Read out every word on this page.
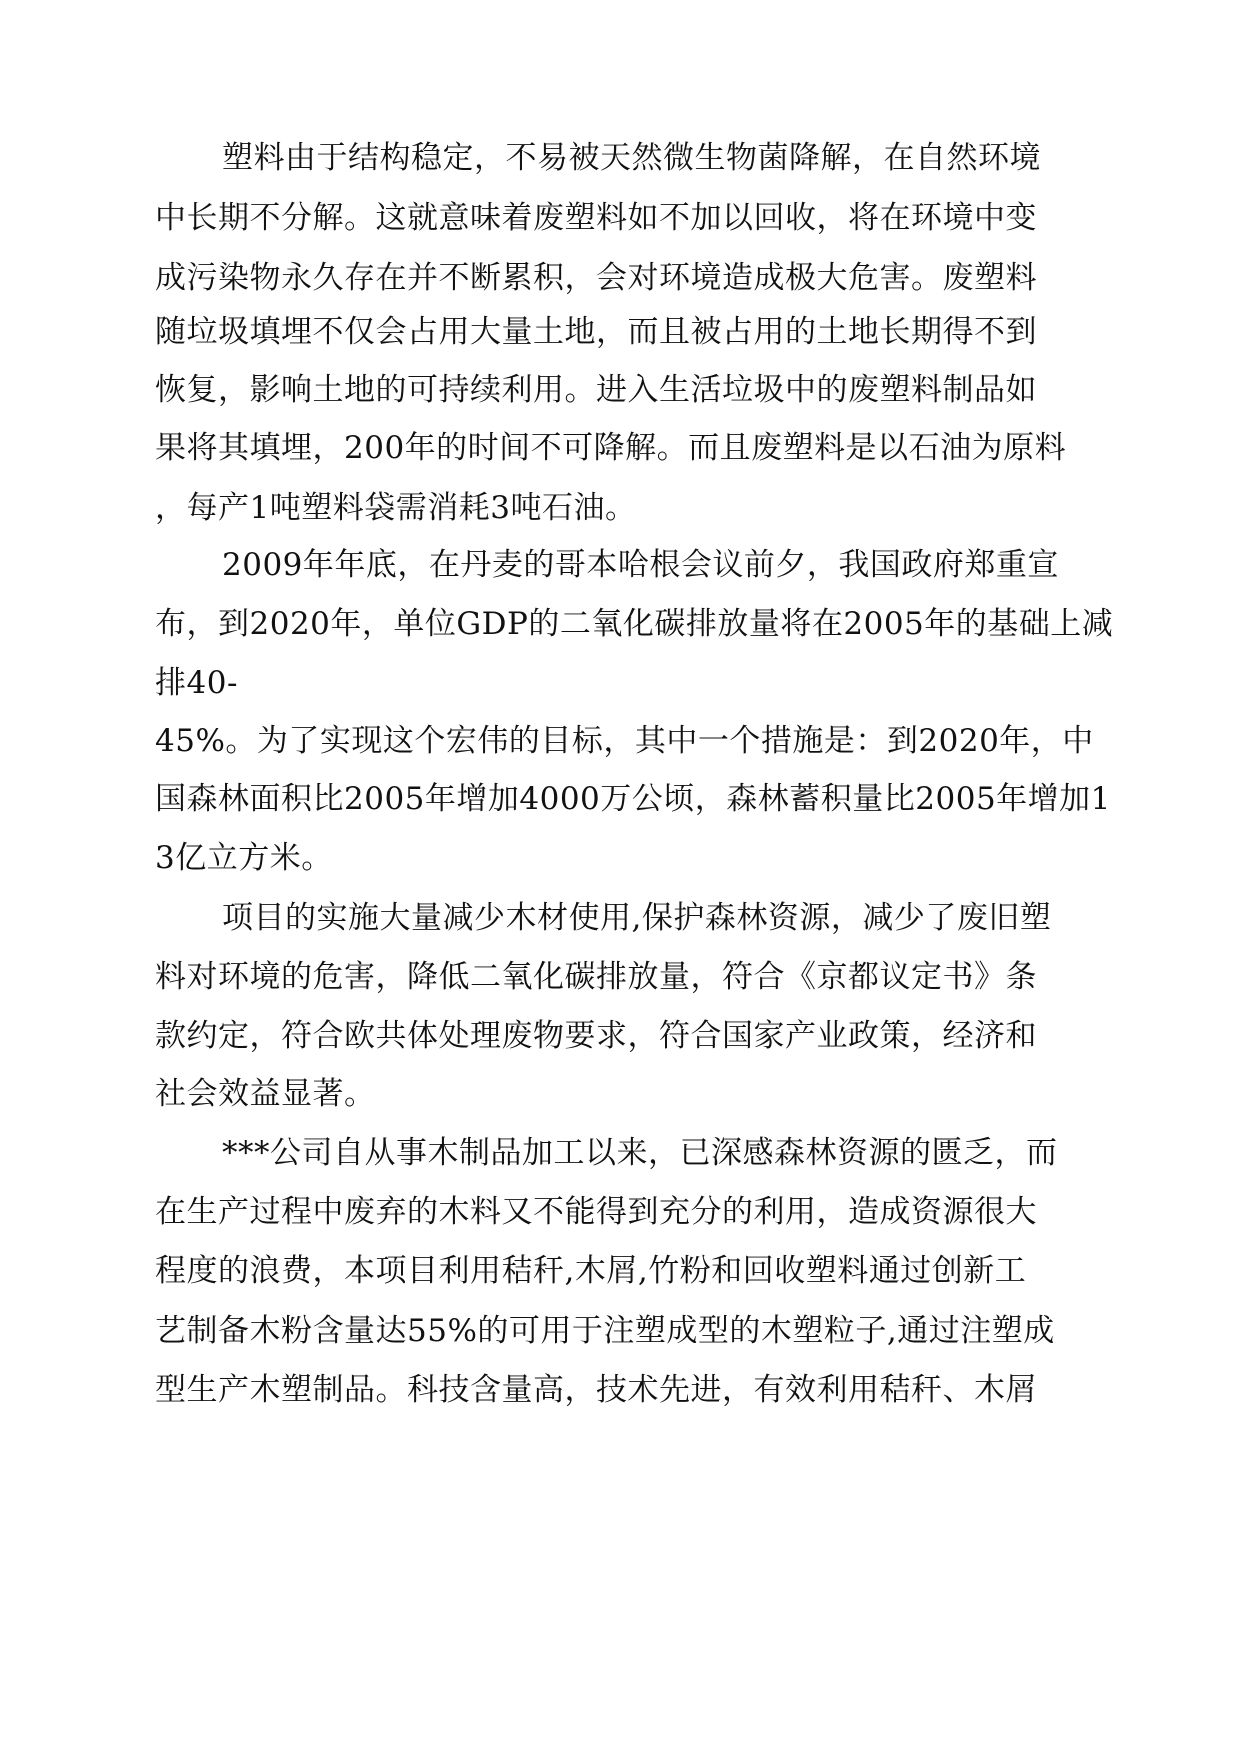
塑料由于结构稳定，不易被天然微生物菌降解，在自然环境
中长期不分解。这就意味着废塑料如不加以回收，将在环境中变
成污染物永久存在并不断累积，会对环境造成极大危害。废塑料
随垃圾填埋不仅会占用大量土地，而且被占用的土地长期得不到
恢复，影响土地的可持续利用。进入生活垃圾中的废塑料制品如
果将其填埋，200年的时间不可降解。而且废塑料是以石油为原料
，每产1吨塑料袋需消耗3吨石油。
2009年年底，在丹麦的哥本哈根会议前夕，我国政府郑重宣
布，到2020年，单位GDP的二氧化碳排放量将在2005年的基础上减
排40-
45%。为了实现这个宏伟的目标，其中一个措施是：到2020年，中
国森林面积比2005年增加4000万公顷，森林蓄积量比2005年增加1
3亿立方米。
项目的实施大量减少木材使用,保护森林资源，减少了废旧塑
料对环境的危害，降低二氧化碳排放量，符合《京都议定书》条
款约定，符合欧共体处理废物要求，符合国家产业政策，经济和
社会效益显著。
***公司自从事木制品加工以来，已深感森林资源的匮乏，而
在生产过程中废弃的木料又不能得到充分的利用，造成资源很大
程度的浪费，本项目利用秸秆,木屑,竹粉和回收塑料通过创新工
艺制备木粉含量达55%的可用于注塑成型的木塑粒子,通过注塑成
型生产木塑制品。科技含量高，技术先进，有效利用秸秆、木屑
